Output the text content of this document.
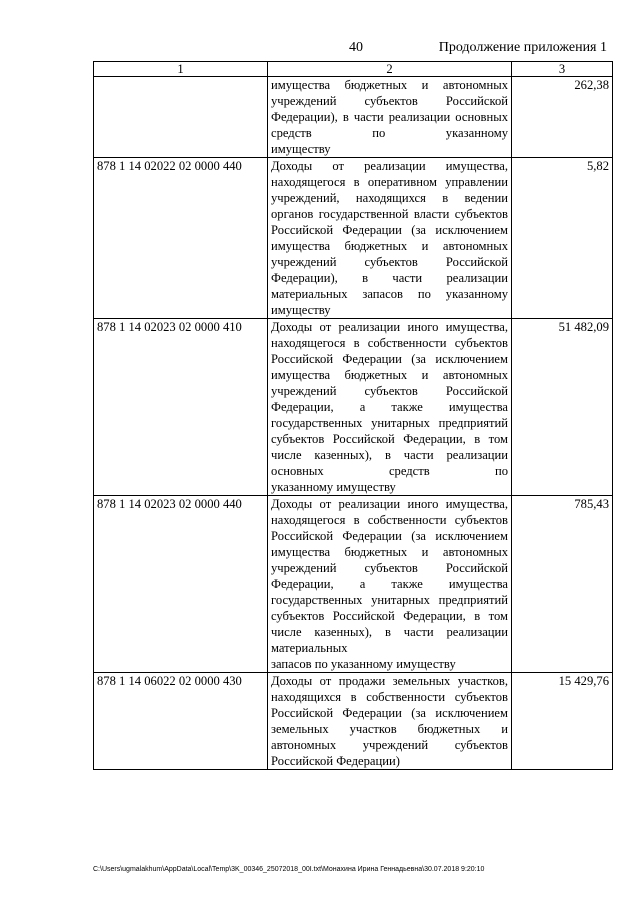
40	Продолжение приложения 1
1	2	3
	имущества бюджетных и автономных учреждений субъектов Российской Федерации), в части реализации основных средств по указанному
имуществу	262,38
878 1 14 02022 02 0000 440	Доходы от реализации имущества, находящегося в оперативном управлении учреждений, находящихся в ведении органов государственной власти субъектов Российской Федерации (за исключением имущества бюджетных и автономных учреждений субъектов Российской Федерации), в части реализации материальных запасов по указанному
имуществу	5,82
878 1 14 02023 02 0000 410	Доходы от реализации иного имущества, находящегося в собственности субъектов Российской Федерации (за исключением имущества бюджетных и автономных учреждений субъектов Российской Федерации, а также имущества государственных унитарных предприятий субъектов Российской Федерации, в том числе казенных), в части реализации основных средств по
указанному имуществу	51 482,09
878 1 14 02023 02 0000 440	Доходы от реализации иного имущества, находящегося в собственности субъектов Российской Федерации (за исключением имущества бюджетных и автономных учреждений субъектов Российской Федерации, а также имущества государственных унитарных предприятий субъектов Российской Федерации, в том числе казенных), в части реализации материальных
запасов по указанному имуществу	785,43
878 1 14 06022 02 0000 430	Доходы от продажи земельных участков, находящихся в собственности субъектов Российской Федерации (за исключением земельных участков бюджетных и автономных учреждений субъектов
Российской Федерации)	15 429,76
C:\Users\ugmalakhum\AppData\Local\Temp\3K_00346_25072018_00I.txt\Монахина Ирина Геннадьевна\30.07.2018 9:20:10
